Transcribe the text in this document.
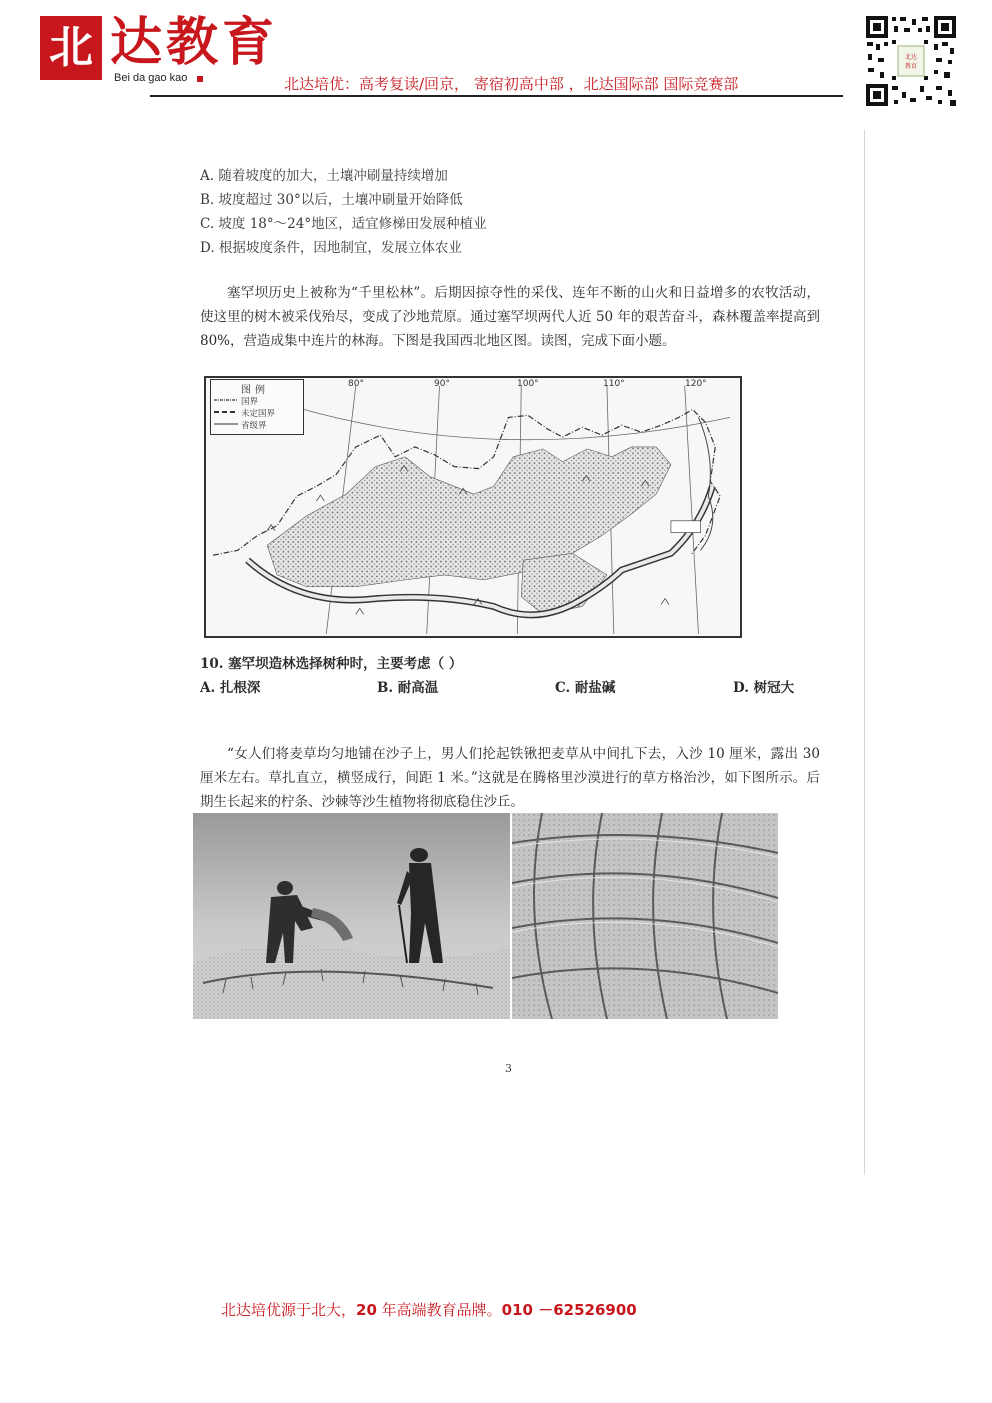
北 达教育
Bei da gao kao	北达培优：高考复读/回京， 寄宿初高中部 ，北达国际部 国际竞赛部
北达
教育
A. 随着坡度的加大，土壤冲刷量持续增加
B. 坡度超过 30°以后，土壤冲刷量开始降低
C. 坡度 18°～24°地区，适宜修梯田发展种植业
D. 根据坡度条件，因地制宜，发展立体农业
塞罕坝历史上被称为“千里松林”。后期因掠夺性的采伐、连年不断的山火和日益增多的农牧活动，使这里的树木被采伐殆尽，变成了沙地荒原。通过塞罕坝两代人近 50 年的艰苦奋斗，森林覆盖率提高到 80%，营造成集中连片的林海。下图是我国西北地区图。读图，完成下面小题。
图例
国界
未定国界
省级界
80°	90°	100°	110°	120°
10. 塞罕坝造林选择树种时，主要考虑（ ）
A. 扎根深	B. 耐高温	C. 耐盐碱	D. 树冠大
“女人们将麦草均匀地铺在沙子上，男人们抡起铁锹把麦草从中间扎下去，入沙 10 厘米，露出 30 厘米左右。草扎直立，横竖成行，间距 1 米。”这就是在腾格里沙漠进行的草方格治沙，如下图所示。后期生长起来的柠条、沙棘等沙生植物将彻底稳住沙丘。
3
北达培优源于北大，20 年高端教育品牌。010 －62526900
